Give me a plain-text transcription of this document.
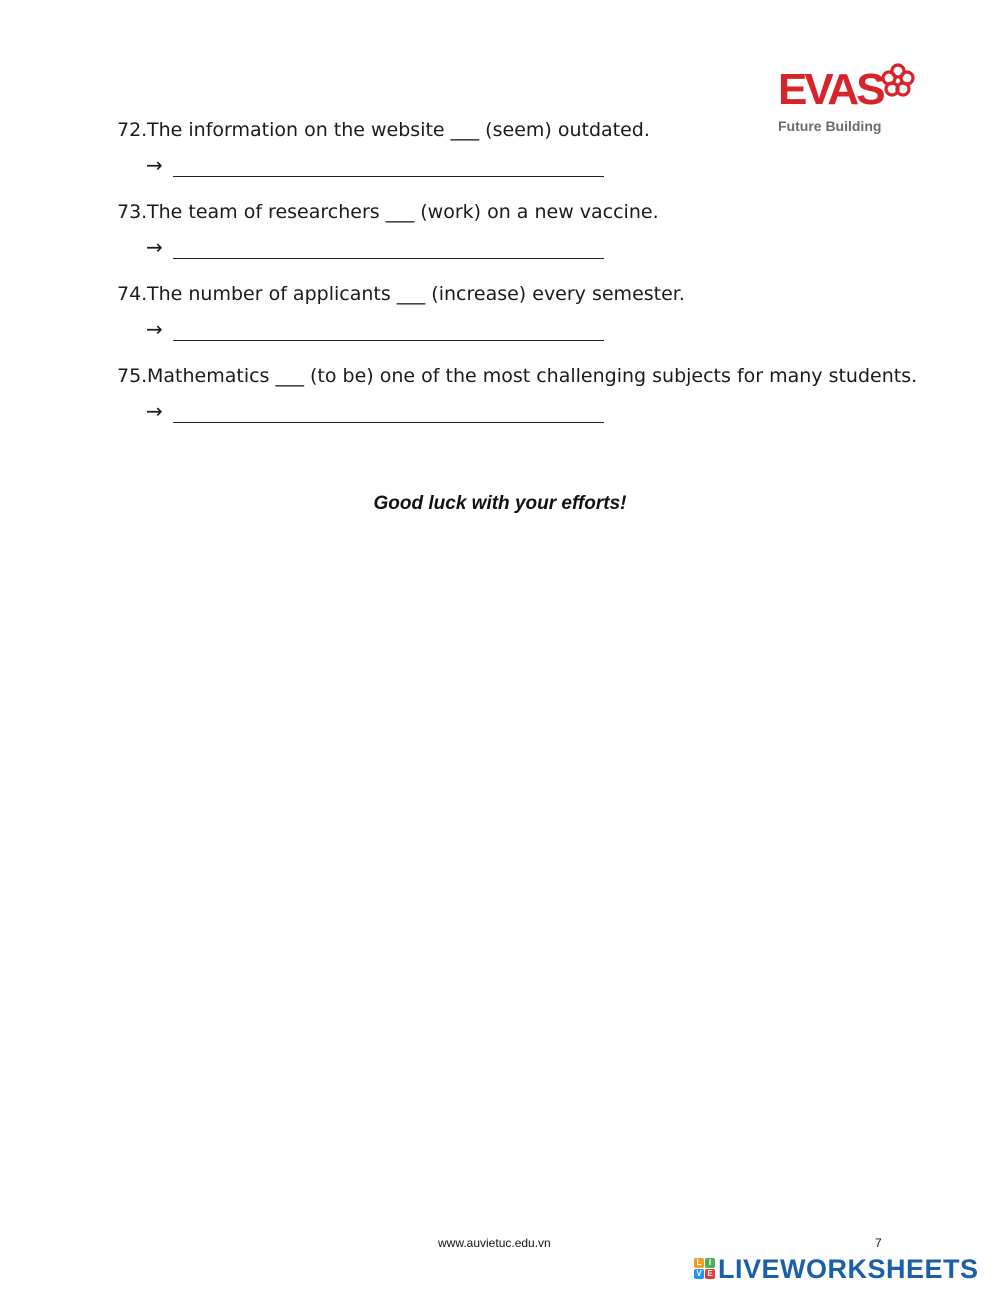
EVAS
Future Building
72.The information on the website ___ (seem) outdated.
→
73.The team of researchers ___ (work) on a new vaccine.
→
74.The number of applicants ___ (increase) every semester.
→
75.Mathematics ___ (to be) one of the most challenging subjects for many students.
→
Good luck with your efforts!
www.auvietuc.edu.vn	7
L I
V E LIVEWORKSHEETS
